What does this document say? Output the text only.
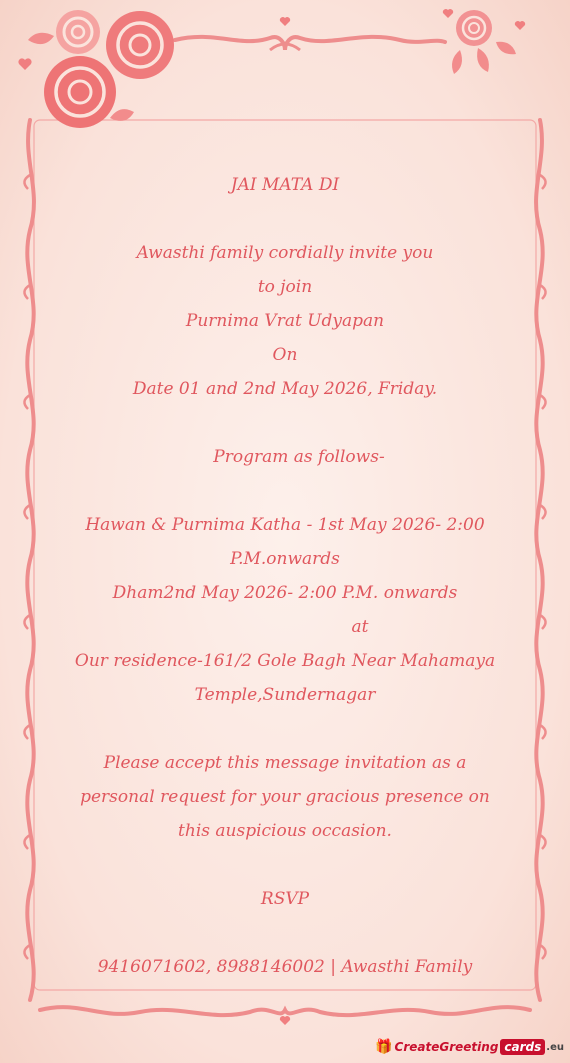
JAI MATA DI
Awasthi family cordially invite you
to join
Purnima Vrat Udyapan
On
Date 01 and 2nd May 2026, Friday.
Program as follows-
Hawan & Purnima Katha - 1st May 2026- 2:00
P.M.onwards
Dham2nd May 2026- 2:00 P.M. onwards
at
Our residence-161/2 Gole Bagh Near Mahamaya
Temple,Sundernagar
Please accept this message invitation as a
personal request for your gracious presence on
this auspicious occasion.
RSVP
9416071602, 8988146002 | Awasthi Family
🎁 CreateGreeting cards .eu
